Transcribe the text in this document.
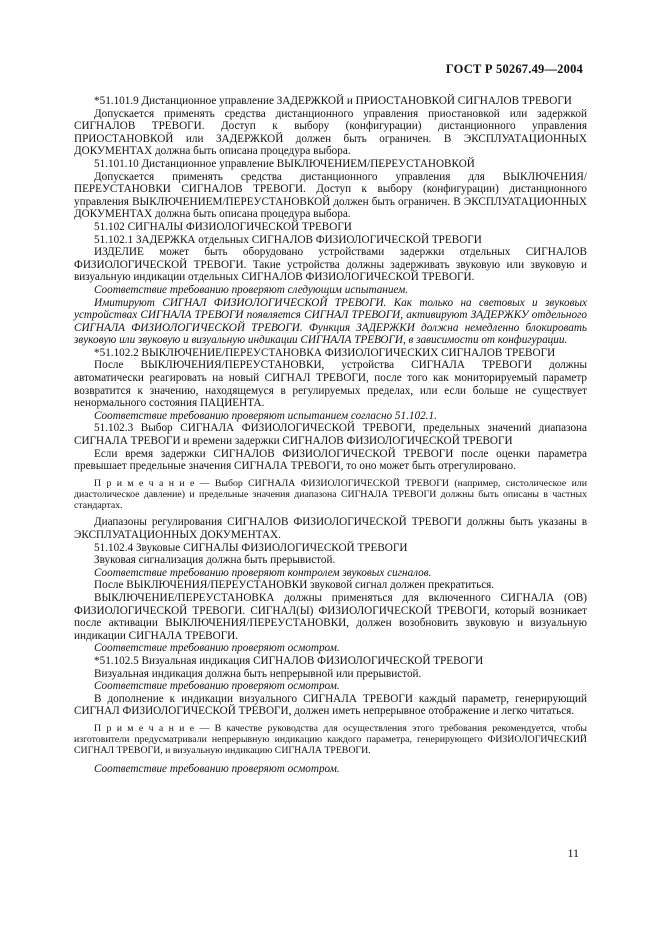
ГОСТ Р 50267.49—2004

*51.101.9 Дистанционное управление ЗАДЕРЖКОЙ и ПРИОСТАНОВКОЙ СИГНАЛОВ ТРЕВОГИ

Допускается применять средства дистанционного управления приостановкой или задержкой СИГНАЛОВ ТРЕВОГИ. Доступ к выбору (конфигурации) дистанционного управления ПРИОСТАНОВКОЙ или ЗАДЕРЖКОЙ должен быть ограничен. В ЭКСПЛУАТАЦИОННЫХ ДОКУМЕНТАХ должна быть описана процедура выбора.

51.101.10 Дистанционное управление ВЫКЛЮЧЕНИЕМ/ПЕРЕУСТАНОВКОЙ

Допускается применять средства дистанционного управления для ВЫКЛЮЧЕНИЯ/ПЕРЕУСТАНОВКИ СИГНАЛОВ ТРЕВОГИ. Доступ к выбору (конфигурации) дистанционного управления ВЫКЛЮЧЕНИЕМ/ПЕРЕУСТАНОВКОЙ должен быть ограничен. В ЭКСПЛУАТАЦИОННЫХ ДОКУМЕНТАХ должна быть описана процедура выбора.

51.102 СИГНАЛЫ ФИЗИОЛОГИЧЕСКОЙ ТРЕВОГИ

51.102.1 ЗАДЕРЖКА отдельных СИГНАЛОВ ФИЗИОЛОГИЧЕСКОЙ ТРЕВОГИ

ИЗДЕЛИЕ может быть оборудовано устройствами задержки отдельных СИГНАЛОВ ФИЗИОЛОГИЧЕСКОЙ ТРЕВОГИ. Такие устройства должны задерживать звуковую или звуковую и визуальную индикации отдельных СИГНАЛОВ ФИЗИОЛОГИЧЕСКОЙ ТРЕВОГИ.

Соответствие требованию проверяют следующим испытанием.

Имитируют СИГНАЛ ФИЗИОЛОГИЧЕСКОЙ ТРЕВОГИ. Как только на световых и звуковых устройствах СИГНАЛА ТРЕВОГИ появляется СИГНАЛ ТРЕВОГИ, активируют ЗАДЕРЖКУ отдельного СИГНАЛА ФИЗИОЛОГИЧЕСКОЙ ТРЕВОГИ. Функция ЗАДЕРЖКИ должна немедленно блокировать звуковую или звуковую и визуальную индикации СИГНАЛА ТРЕВОГИ, в зависимости от конфигурации.

*51.102.2 ВЫКЛЮЧЕНИЕ/ПЕРЕУСТАНОВКА ФИЗИОЛОГИЧЕСКИХ СИГНАЛОВ ТРЕВОГИ

После ВЫКЛЮЧЕНИЯ/ПЕРЕУСТАНОВКИ, устройства СИГНАЛА ТРЕВОГИ должны автоматически реагировать на новый СИГНАЛ ТРЕВОГИ, после того как мониторируемый параметр возвратится к значению, находящемуся в регулируемых пределах, или если больше не существует ненормального состояния ПАЦИЕНТА.

Соответствие требованию проверяют испытанием согласно 51.102.1.

51.102.3 Выбор СИГНАЛА ФИЗИОЛОГИЧЕСКОЙ ТРЕВОГИ, предельных значений диапазона СИГНАЛА ТРЕВОГИ и времени задержки СИГНАЛОВ ФИЗИОЛОГИЧЕСКОЙ ТРЕВОГИ

Если время задержки СИГНАЛОВ ФИЗИОЛОГИЧЕСКОЙ ТРЕВОГИ после оценки параметра превышает предельные значения СИГНАЛА ТРЕВОГИ, то оно может быть отрегулировано.

П р и м е ч а н и е — Выбор СИГНАЛА ФИЗИОЛОГИЧЕСКОЙ ТРЕВОГИ (например, систолическое или диастолическое давление) и предельные значения диапазона СИГНАЛА ТРЕВОГИ должны быть описаны в частных стандартах.

Диапазоны регулирования СИГНАЛОВ ФИЗИОЛОГИЧЕСКОЙ ТРЕВОГИ должны быть указаны в ЭКСПЛУАТАЦИОННЫХ ДОКУМЕНТАХ.

51.102.4 Звуковые СИГНАЛЫ ФИЗИОЛОГИЧЕСКОЙ ТРЕВОГИ

Звуковая сигнализация должна быть прерывистой.

Соответствие требованию проверяют контролем звуковых сигналов.

После ВЫКЛЮЧЕНИЯ/ПЕРЕУСТАНОВКИ звуковой сигнал должен прекратиться.

ВЫКЛЮЧЕНИЕ/ПЕРЕУСТАНОВКА должны применяться для включенного СИГНАЛА (ОВ) ФИЗИОЛОГИЧЕСКОЙ ТРЕВОГИ. СИГНАЛ(Ы) ФИЗИОЛОГИЧЕСКОЙ ТРЕВОГИ, который возникает после активации ВЫКЛЮЧЕНИЯ/ПЕРЕУСТАНОВКИ, должен возобновить звуковую и визуальную индикации СИГНАЛА ТРЕВОГИ.

Соответствие требованию проверяют осмотром.

*51.102.5 Визуальная индикация СИГНАЛОВ ФИЗИОЛОГИЧЕСКОЙ ТРЕВОГИ

Визуальная индикация должна быть непрерывной или прерывистой.

Соответствие требованию проверяют осмотром.

В дополнение к индикации визуального СИГНАЛА ТРЕВОГИ каждый параметр, генерирующий СИГНАЛ ФИЗИОЛОГИЧЕСКОЙ ТРЕВОГИ, должен иметь непрерывное отображение и легко читаться.

П р и м е ч а н и е — В качестве руководства для осуществления этого требования рекомендуется, чтобы изготовители предусматривали непрерывную индикацию каждого параметра, генерирующего ФИЗИОЛОГИЧЕСКИЙ СИГНАЛ ТРЕВОГИ, и визуальную индикацию СИГНАЛА ТРЕВОГИ.

Соответствие требованию проверяют осмотром.

11
